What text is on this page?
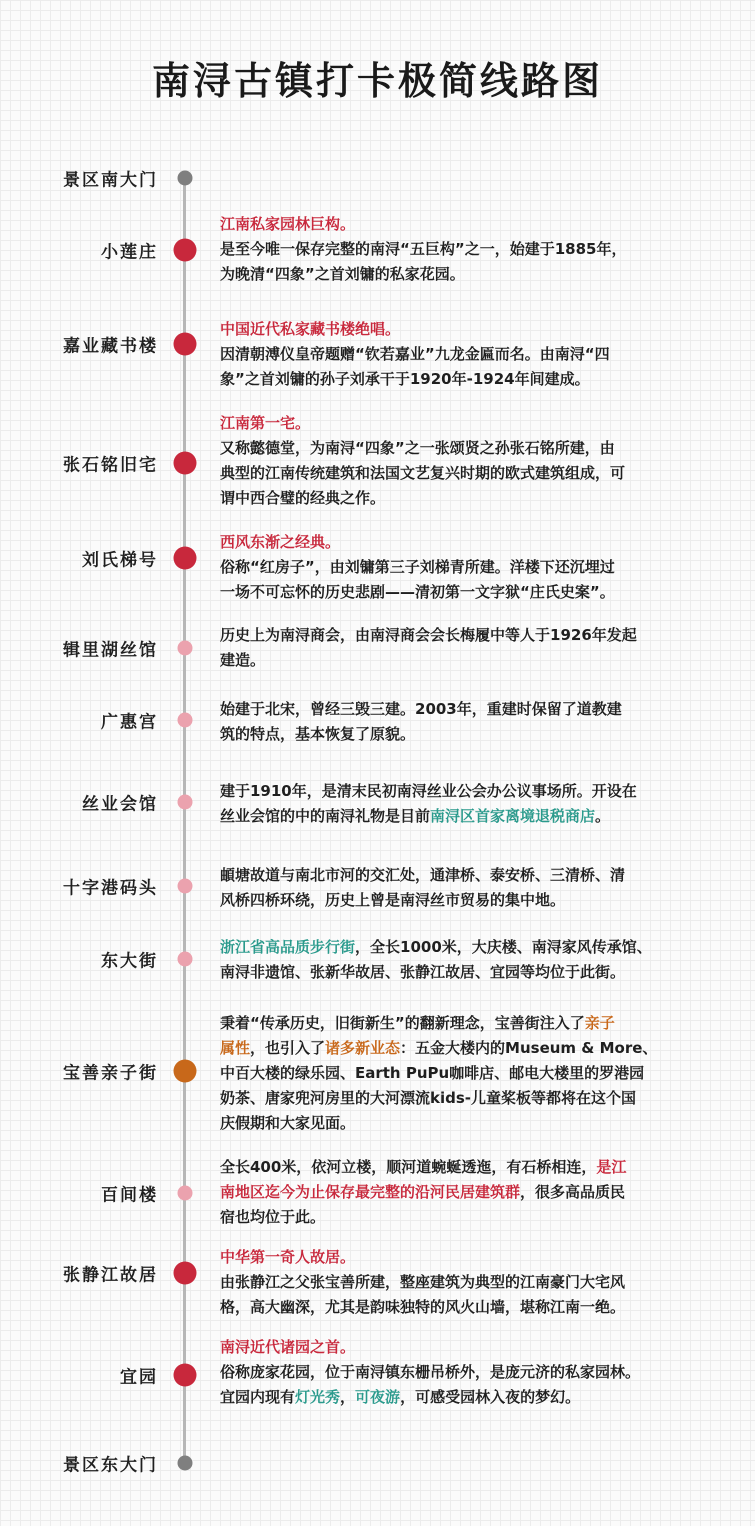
南浔古镇打卡极简线路图
景区南大门
景区东大门
小莲庄
江南私家园林巨构。
是至今唯一保存完整的南浔“五巨构”之一，始建于1885年，
为晚清“四象”之首刘镛的私家花园。
嘉业藏书楼
中国近代私家藏书楼绝唱。
因清朝溥仪皇帝题赠“钦若嘉业”九龙金匾而名。由南浔“四
象”之首刘镛的孙子刘承干于1920年-1924年间建成。
张石铭旧宅
江南第一宅。
又称懿德堂，为南浔“四象”之一张颂贤之孙张石铭所建，由
典型的江南传统建筑和法国文艺复兴时期的欧式建筑组成，可
谓中西合璧的经典之作。
刘氏梯号
西风东渐之经典。
俗称“红房子”，由刘镛第三子刘梯青所建。洋楼下还沉埋过
一场不可忘怀的历史悲剧——清初第一文字狱“庄氏史案”。
辑里湖丝馆
历史上为南浔商会，由南浔商会会长梅履中等人于1926年发起
建造。
广惠宫
始建于北宋，曾经三毁三建。2003年，重建时保留了道教建
筑的特点，基本恢复了原貌。
丝业会馆
建于1910年，是清末民初南浔丝业公会办公议事场所。开设在
丝业会馆的中的南浔礼物是目前南浔区首家离境退税商店。
十字港码头
頔塘故道与南北市河的交汇处，通津桥、泰安桥、三清桥、清
风桥四桥环绕，历史上曾是南浔丝市贸易的集中地。
东大街
浙江省高品质步行街，全长1000米，大庆楼、南浔家风传承馆、
南浔非遗馆、张新华故居、张静江故居、宜园等均位于此街。
宝善亲子街
秉着“传承历史，旧街新生”的翻新理念，宝善街注入了亲子
属性，也引入了诸多新业态：五金大楼内的Museum & More、
中百大楼的绿乐园、Earth PuPu咖啡店、邮电大楼里的罗港园
奶茶、唐家兜河房里的大河漂流kids-儿童桨板等都将在这个国
庆假期和大家见面。
百间楼
全长400米，依河立楼，顺河道蜿蜒透迤，有石桥相连，是江
南地区迄今为止保存最完整的沿河民居建筑群，很多高品质民
宿也均位于此。
张静江故居
中华第一奇人故居。
由张静江之父张宝善所建，整座建筑为典型的江南豪门大宅风
格，高大幽深，尤其是韵味独特的风火山墙，堪称江南一绝。
宜园
南浔近代诸园之首。
俗称庞家花园，位于南浔镇东栅吊桥外，是庞元济的私家园林。
宜园内现有灯光秀，可夜游，可感受园林入夜的梦幻。
